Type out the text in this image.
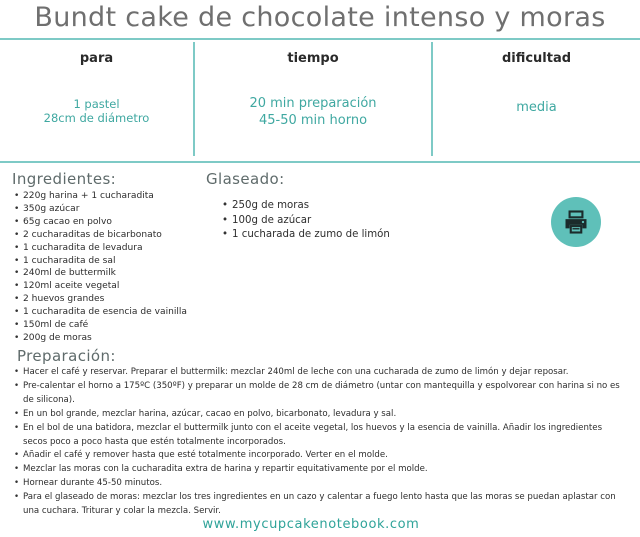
Bundt cake de chocolate intenso y moras
para
1 pastel
28cm de diámetro
tiempo
20 min preparación
45-50 min horno
dificultad
media
Ingredientes:
• 220g harina + 1 cucharadita
• 350g azúcar
• 65g cacao en polvo
• 2 cucharaditas de bicarbonato
• 1 cucharadita de levadura
• 1 cucharadita de sal
• 240ml de buttermilk
• 120ml aceite vegetal
• 2 huevos grandes
• 1 cucharadita de esencia de vainilla
• 150ml de café
• 200g de moras
Glaseado:
• 250g de moras
• 100g de azúcar
• 1 cucharada de zumo de limón
Preparación:
• Hacer el café y reservar. Preparar el buttermilk: mezclar 240ml de leche con una cucharada de zumo de limón y dejar reposar.
• Pre-calentar el horno a 175ºC (350ºF) y preparar un molde de 28 cm de diámetro (untar con mantequilla y espolvorear con harina si no es de silicona).
• En un bol grande, mezclar harina, azúcar, cacao en polvo, bicarbonato, levadura y sal.
• En el bol de una batidora, mezclar el buttermilk junto con el aceite vegetal, los huevos y la esencia de vainilla. Añadir los ingredientes secos poco a poco hasta que estén totalmente incorporados.
• Añadir el café y remover hasta que esté totalmente incorporado. Verter en el molde.
• Mezclar las moras con la cucharadita extra de harina y repartir equitativamente por el molde.
• Hornear durante 45-50 minutos.
• Para el glaseado de moras: mezclar los tres ingredientes en un cazo y calentar a fuego lento hasta que las moras se puedan aplastar con una cuchara. Triturar y colar la mezcla. Servir.
www.mycupcakenotebook.com
